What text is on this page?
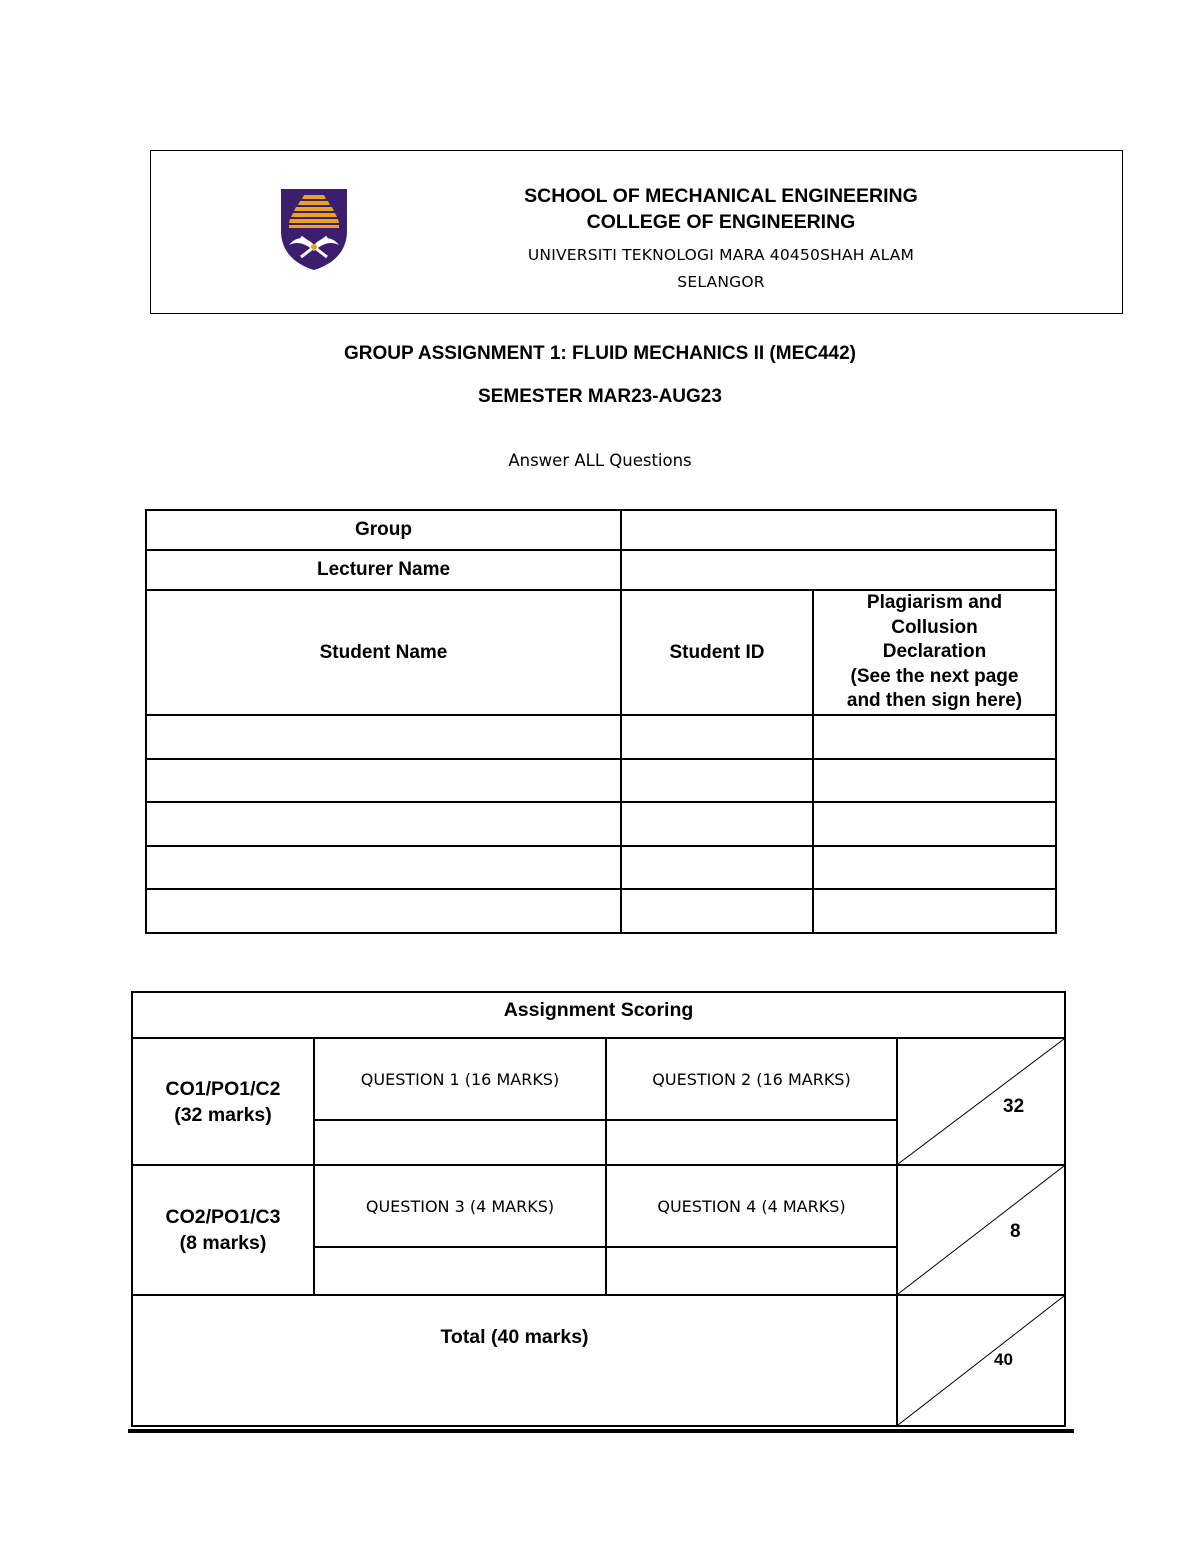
SCHOOL OF MECHANICAL ENGINEERING
COLLEGE OF ENGINEERING
UNIVERSITI TEKNOLOGI MARA 40450SHAH ALAM
SELANGOR
GROUP ASSIGNMENT 1: FLUID MECHANICS II (MEC442)
SEMESTER MAR23-AUG23
Answer ALL Questions
Group		
Lecturer Name		
Student Name	Student ID	Plagiarism and
Collusion
Declaration
(See the next page
and then sign here)

Assignment Scoring			

CO1/PO1/C2
(32 marks)	QUESTION 1 (16 MARKS)	QUESTION 2 (16 MARKS)	32

CO2/PO1/C3
(8 marks)	QUESTION 3 (4 MARKS)	QUESTION 4 (4 MARKS)	8

Total (40 marks)			40
